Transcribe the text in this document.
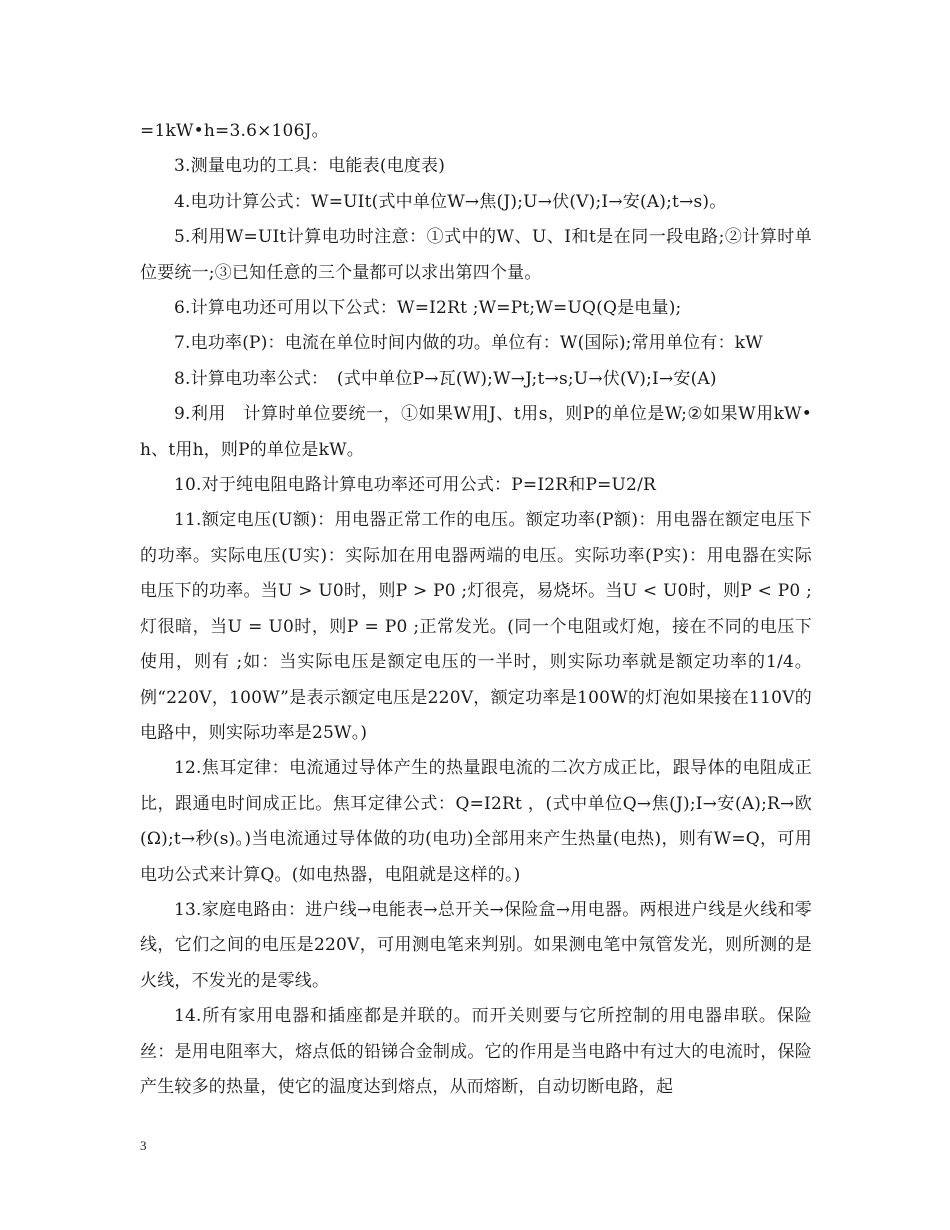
=1kW•h=3.6×106J。

3.测量电功的工具：电能表(电度表)

4.电功计算公式：W=UIt(式中单位W→焦(J);U→伏(V);I→安(A);t→s)。

5.利用W=UIt计算电功时注意：①式中的W、U、I和t是在同一段电路;②计算时单位要统一;③已知任意的三个量都可以求出第四个量。

6.计算电功还可用以下公式：W=I2Rt ;W=Pt;W=UQ(Q是电量);

7.电功率(P)：电流在单位时间内做的功。单位有：W(国际);常用单位有：kW

8.计算电功率公式：　(式中单位P→瓦(W);W→J;t→s;U→伏(V);I→安(A)

9.利用　计算时单位要统一，①如果W用J、t用s，则P的单位是W;②如果W用kW•h、t用h，则P的单位是kW。

10.对于纯电阻电路计算电功率还可用公式：P=I2R和P=U2/R

11.额定电压(U额)：用电器正常工作的电压。额定功率(P额)：用电器在额定电压下的功率。实际电压(U实)：实际加在用电器两端的电压。实际功率(P实)：用电器在实际电压下的功率。当U > U0时，则P > P0 ;灯很亮，易烧坏。当U < U0时，则P < P0 ;灯很暗，当U = U0时，则P = P0 ;正常发光。(同一个电阻或灯炮，接在不同的电压下使用，则有 ;如：当实际电压是额定电压的一半时，则实际功率就是额定功率的1/4。例“220V，100W”是表示额定电压是220V，额定功率是100W的灯泡如果接在110V的电路中，则实际功率是25W。)

12.焦耳定律：电流通过导体产生的热量跟电流的二次方成正比，跟导体的电阻成正比，跟通电时间成正比。焦耳定律公式：Q=I2Rt ，(式中单位Q→焦(J);I→安(A);R→欧(Ω);t→秒(s)。)当电流通过导体做的功(电功)全部用来产生热量(电热)，则有W=Q，可用电功公式来计算Q。(如电热器，电阻就是这样的。)

13.家庭电路由：进户线→电能表→总开关→保险盒→用电器。两根进户线是火线和零线，它们之间的电压是220V，可用测电笔来判别。如果测电笔中氖管发光，则所测的是火线，不发光的是零线。

14.所有家用电器和插座都是并联的。而开关则要与它所控制的用电器串联。保险丝：是用电阻率大，熔点低的铅锑合金制成。它的作用是当电路中有过大的电流时，保险产生较多的热量，使它的温度达到熔点，从而熔断，自动切断电路，起

3
